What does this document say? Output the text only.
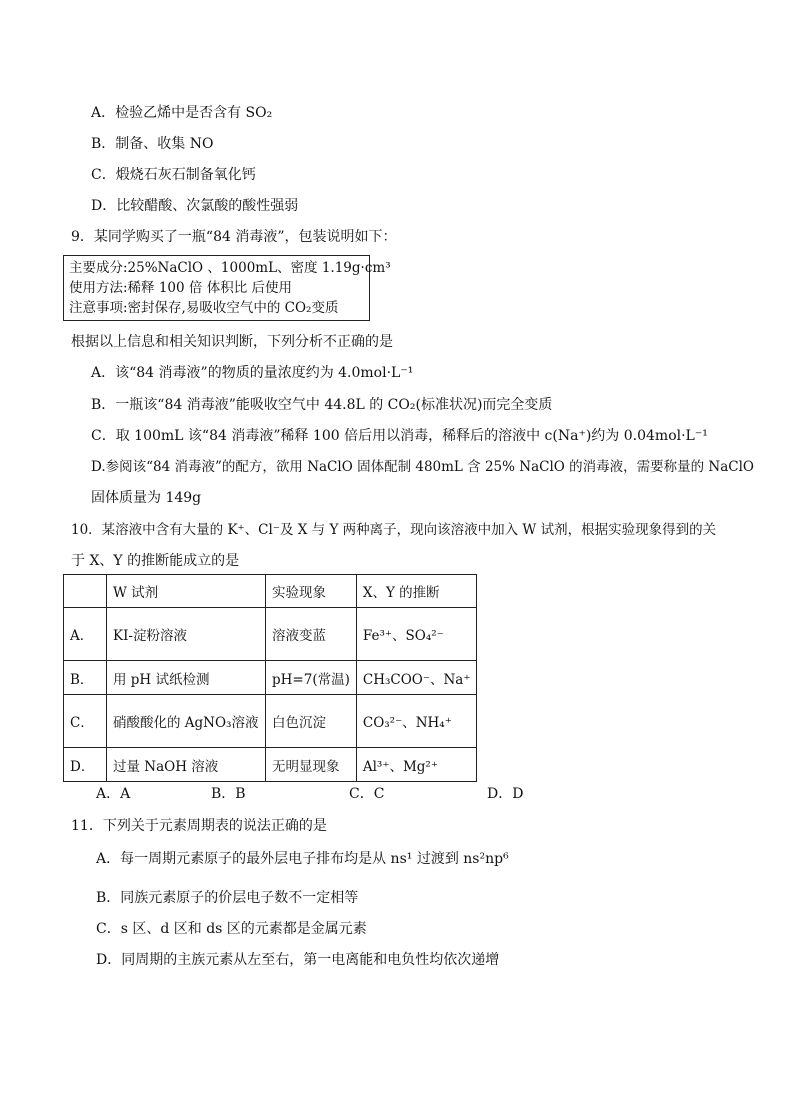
A．检验乙烯中是否含有 SO₂
B．制备、收集 NO
C．煅烧石灰石制备氧化钙
D．比较醋酸、次氯酸的酸性强弱
9．某同学购买了一瓶“84 消毒液”，包装说明如下：
主要成分:25%NaClO 、1000mL、密度 1.19g·cm³
使用方法:稀释 100 倍 体积比 后使用
注意事项:密封保存,易吸收空气中的 CO₂变质
根据以上信息和相关知识判断，下列分析不正确的是
A．该“84 消毒液”的物质的量浓度约为 4.0mol·L⁻¹
B．一瓶该“84 消毒液”能吸收空气中 44.8L 的 CO₂(标准状况)而完全变质
C．取 100mL 该“84 消毒液”稀释 100 倍后用以消毒，稀释后的溶液中 c(Na⁺)约为 0.04mol·L⁻¹
D.参阅该“84 消毒液”的配方，欲用 NaClO 固体配制 480mL 含 25% NaClO 的消毒液，需要称量的 NaClO
固体质量为 149g
10．某溶液中含有大量的 K⁺、Cl⁻及 X 与 Y 两种离子，现向该溶液中加入 W 试剂，根据实验现象得到的关
于 X、Y 的推断能成立的是
	W 试剂	实验现象	X、Y 的推断
A．	KI-淀粉溶液	溶液变蓝	Fe³⁺、SO₄²⁻
B．	用 pH 试纸检测	pH=7(常温)	CH₃COO⁻、Na⁺
C．	硝酸酸化的 AgNO₃溶液	白色沉淀	CO₃²⁻、NH₄⁺
D．	过量 NaOH 溶液	无明显现象	Al³⁺、Mg²⁺
A．A	B．B	C．C	D．D
11．下列关于元素周期表的说法正确的是
A．每一周期元素原子的最外层电子排布均是从 ns¹ 过渡到 ns²np⁶
B．同族元素原子的价层电子数不一定相等
C．s 区、d 区和 ds 区的元素都是金属元素
D．同周期的主族元素从左至右，第一电离能和电负性均依次递增
